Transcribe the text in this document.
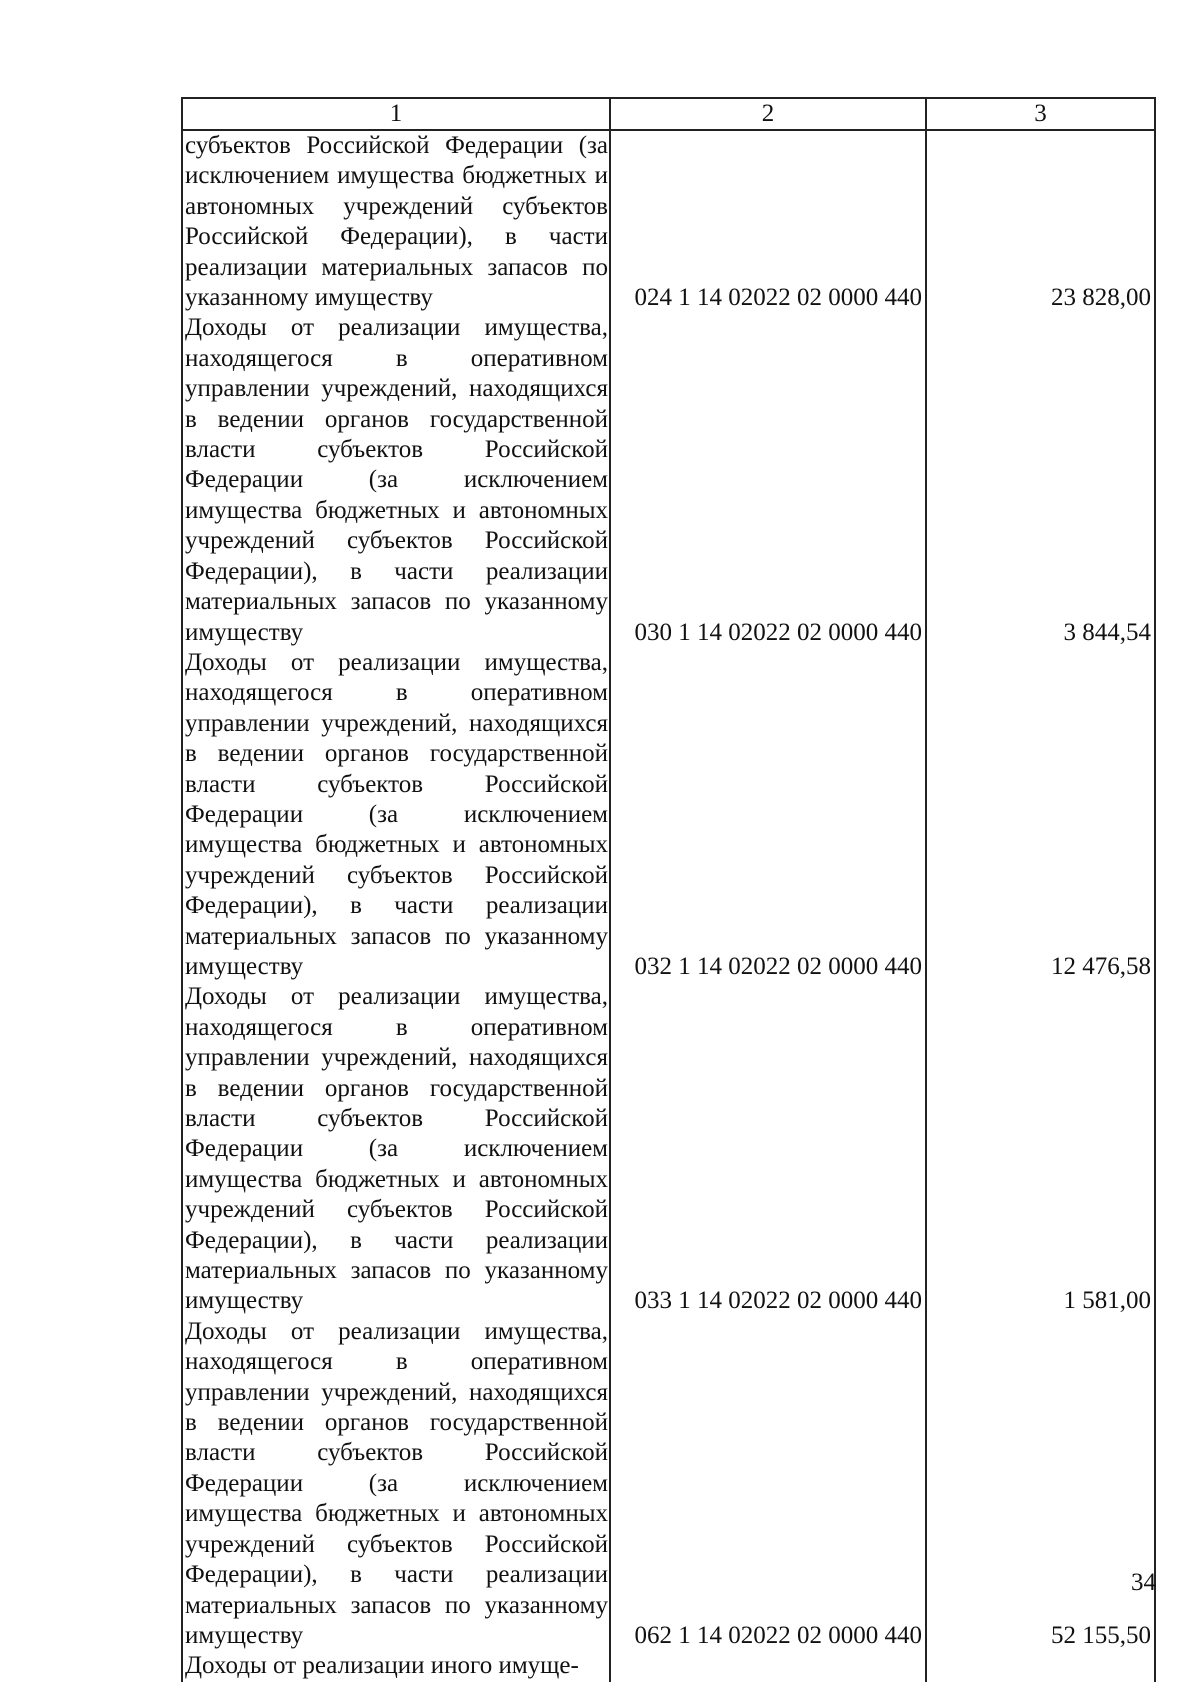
1	2	3
субъектов Российской Федерации (за исключением имущества бюджетных и автономных учреждений субъектов Российской Федерации), в части реализации материальных запасов по указанному имуществу	024 1 14 02022 02 0000 440	23 828,00
Доходы от реализации имущества, находящегося в оперативном управлении учреждений, находящихся в ведении органов государственной власти субъектов Российской Федерации (за исключением имущества бюджетных и автономных учреждений субъектов Российской Федерации), в части реализации материальных запасов по указанному имуществу	030 1 14 02022 02 0000 440	3 844,54
Доходы от реализации имущества, находящегося в оперативном управлении учреждений, находящихся в ведении органов государственной власти субъектов Российской Федерации (за исключением имущества бюджетных и автономных учреждений субъектов Российской Федерации), в части реализации материальных запасов по указанному имуществу	032 1 14 02022 02 0000 440	12 476,58
Доходы от реализации имущества, находящегося в оперативном управлении учреждений, находящихся в ведении органов государственной власти субъектов Российской Федерации (за исключением имущества бюджетных и автономных учреждений субъектов Российской Федерации), в части реализации материальных запасов по указанному имуществу	033 1 14 02022 02 0000 440	1 581,00
Доходы от реализации имущества, находящегося в оперативном управлении учреждений, находящихся в ведении органов государственной власти субъектов Российской Федерации (за исключением имущества бюджетных и автономных учреждений субъектов Российской Федерации), в части реализации материальных запасов по указанному имуществу	062 1 14 02022 02 0000 440	52 155,50
Доходы от реализации иного имуще-		
34
